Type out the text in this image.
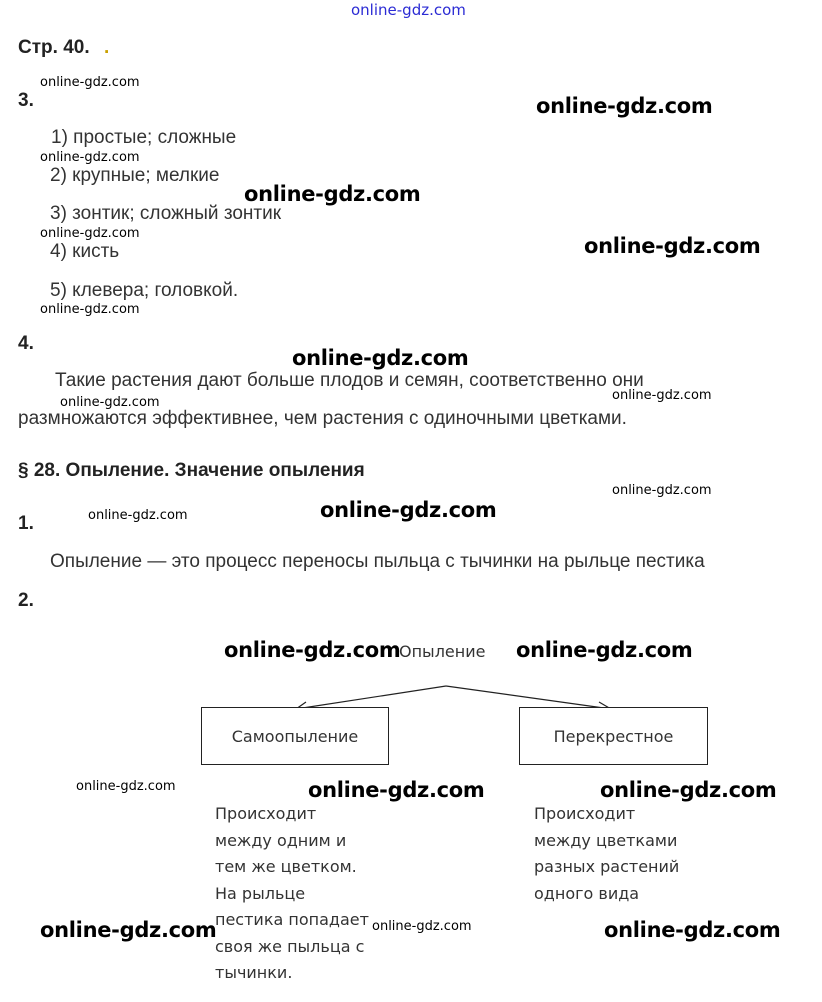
online-gdz.com
Стр. 40. .
3.
1) простые; сложные
2) крупные; мелкие
3) зонтик; сложный зонтик
4) кисть
5) клевера; головкой.
4.
Такие растения дают больше плодов и семян, соответственно они
размножаются эффективнее, чем растения с одиночными цветками.
§ 28. Опыление. Значение опыления
1.
Опыление — это процесс переносы пыльца с тычинки на рыльце пестика
2.
Опыление
Самоопыление	Перекрестное
Происходит
между одним и
тем же цветком.
На рыльце
пестика попадает
своя же пыльца с
тычинки.
Происходит
между цветками
разных растений
одного вида
online-gdz.com
online-gdz.com
online-gdz.com
online-gdz.com
online-gdz.com
online-gdz.com	online-gdz.com
online-gdz.com	online-gdz.com
online-gdz.com	online-gdz.com
online-gdz.com
online-gdz.com
online-gdz.com
online-gdz.com
online-gdz.com	online-gdz.com
online-gdz.com
online-gdz.com
online-gdz.com
online-gdz.com
